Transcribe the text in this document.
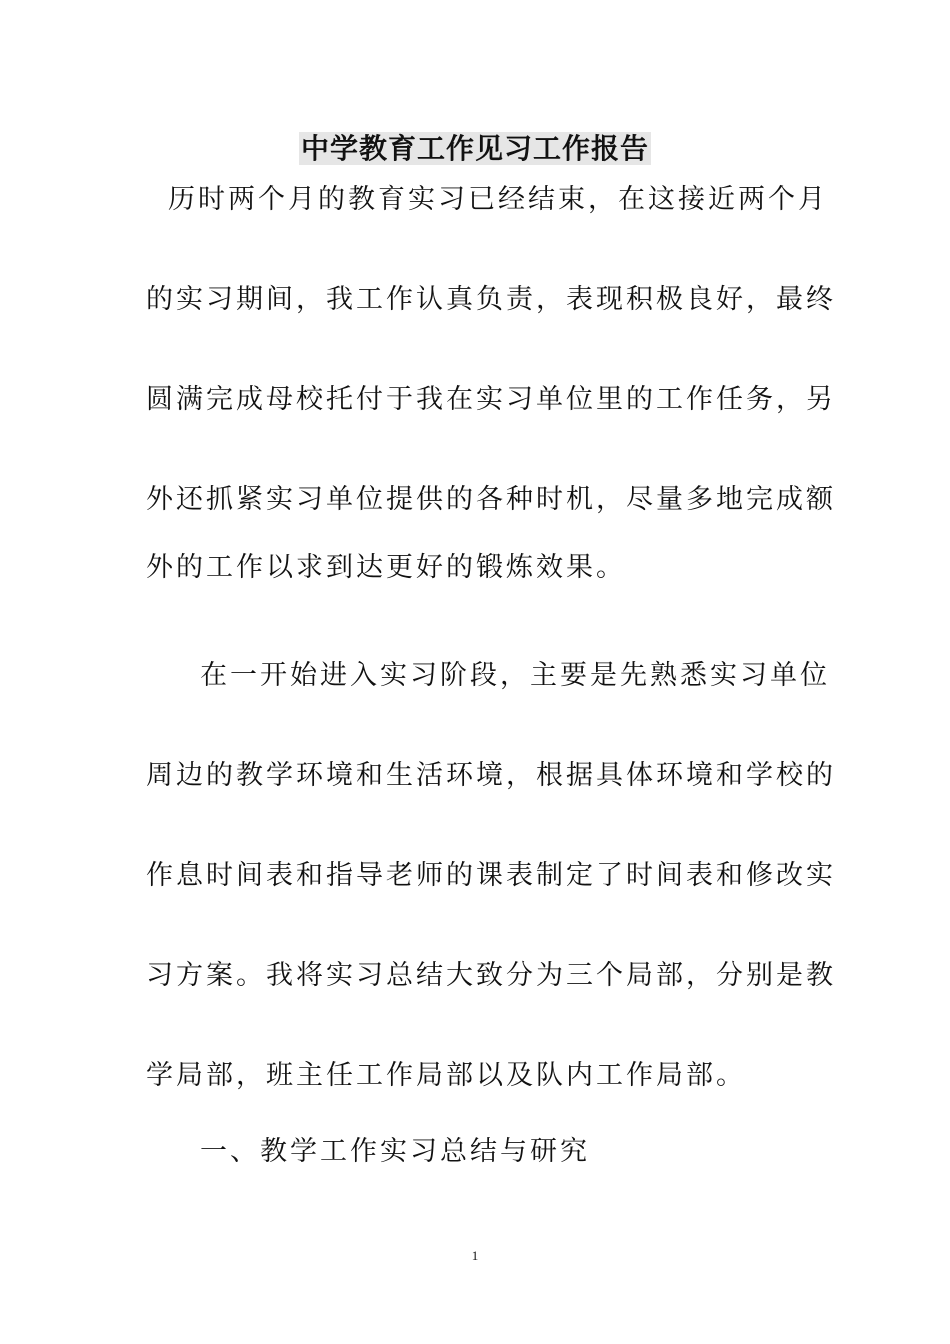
中学教育工作见习工作报告
历时两个月的教育实习已经结束，在这接近两个月
的实习期间，我工作认真负责，表现积极良好，最终
圆满完成母校托付于我在实习单位里的工作任务，另
外还抓紧实习单位提供的各种时机，尽量多地完成额
外的工作以求到达更好的锻炼效果。
在一开始进入实习阶段，主要是先熟悉实习单位
周边的教学环境和生活环境，根据具体环境和学校的
作息时间表和指导老师的课表制定了时间表和修改实
习方案。我将实习总结大致分为三个局部，分别是教
学局部，班主任工作局部以及队内工作局部。
一、教学工作实习总结与研究
1
